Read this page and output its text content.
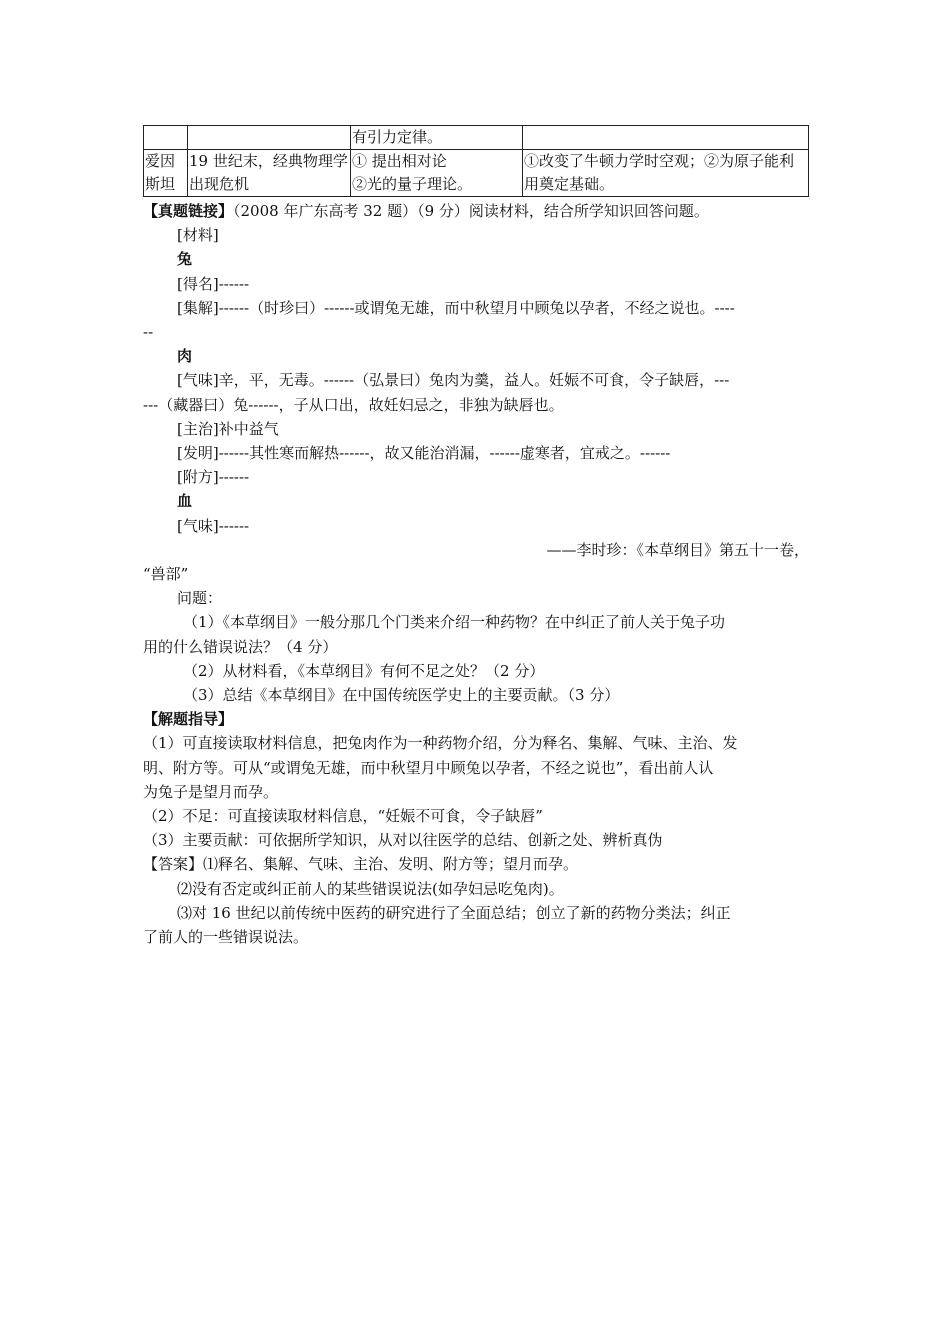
		有引力定律。	
爱因斯坦	19 世纪末，经典物理学出现危机	① 提出相对论
②光的量子理论。	①改变了牛顿力学时空观；②为原子能利用奠定基础。
【真题链接】（2008 年广东高考 32 题）（9 分）阅读材料，结合所学知识回答问题。
[材料]
兔
[得名]------
[集解]------（时珍曰）------或谓兔无雄，而中秋望月中顾兔以孕者，不经之说也。----
--
肉
[气味]辛，平，无毒。------（弘景曰）兔肉为羹，益人。妊娠不可食，令子缺唇，---
---（藏器曰）兔------，子从口出，故妊妇忌之，非独为缺唇也。
[主治]补中益气
[发明]------其性寒而解热------，故又能治消漏，------虚寒者，宜戒之。------
[附方]------
血
[气味]------
——李时珍：《本草纲目》第五十一卷，
“兽部”
问题：
（1）《本草纲目》一般分那几个门类来介绍一种药物？在中纠正了前人关于兔子功
用的什么错误说法？（4 分）
（2）从材料看，《本草纲目》有何不足之处？（2 分）
（3）总结《本草纲目》在中国传统医学史上的主要贡献。（3 分）
【解题指导】
（1）可直接读取材料信息，把兔肉作为一种药物介绍，分为释名、集解、气味、主治、发
明、附方等。可从“或谓兔无雄，而中秋望月中顾兔以孕者，不经之说也”，看出前人认
为兔子是望月而孕。
（2）不足：可直接读取材料信息，“妊娠不可食，令子缺唇”
（3）主要贡献：可依据所学知识，从对以往医学的总结、创新之处、辨析真伪
【答案】⑴释名、集解、气味、主治、发明、附方等；望月而孕。
⑵没有否定或纠正前人的某些错误说法(如孕妇忌吃兔肉)。
⑶对 16 世纪以前传统中医药的研究进行了全面总结；创立了新的药物分类法；纠正
了前人的一些错误说法。
